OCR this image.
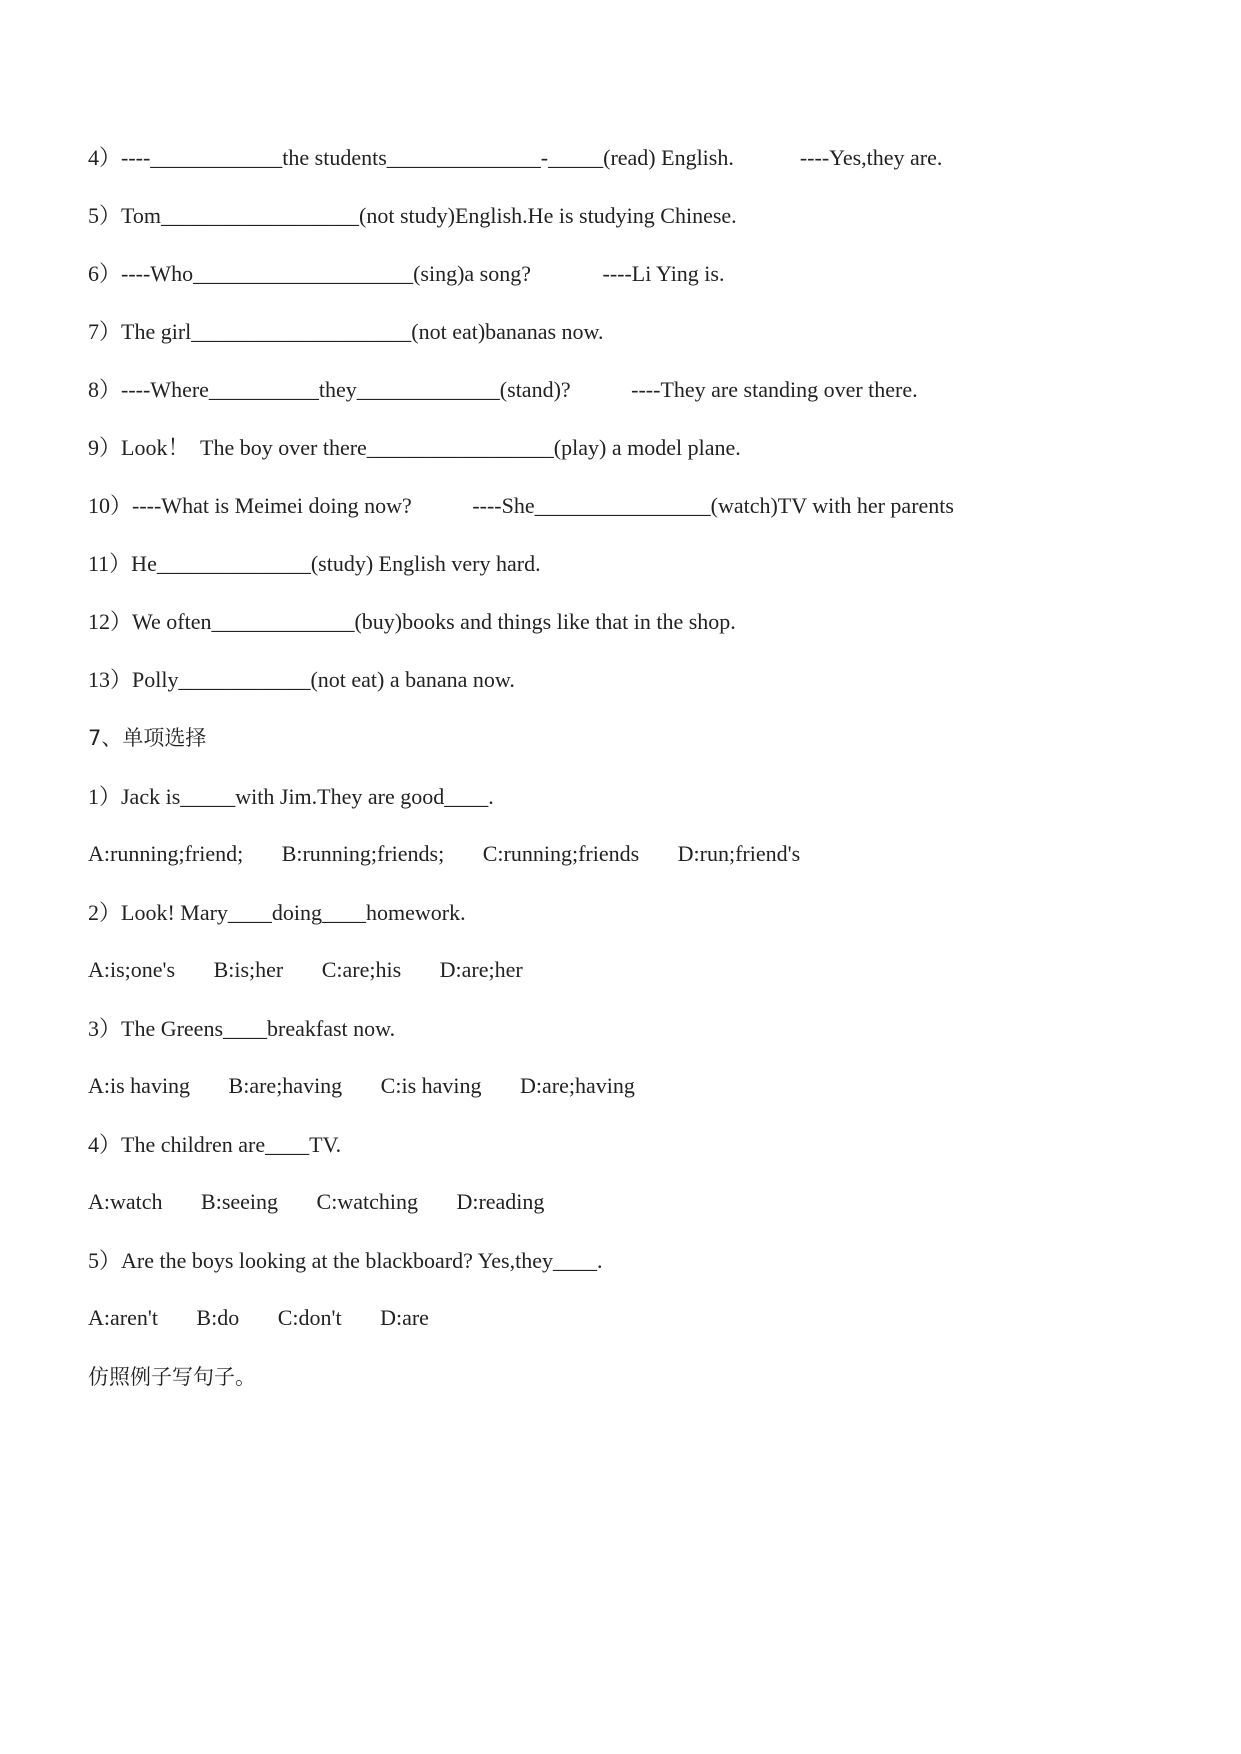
4）----____________the students______________-_____(read) English.            ----Yes,they are.
5）Tom__________________(not study)English.He is studying Chinese.
6）----Who____________________(sing)a song?             ----Li Ying is.
7）The girl____________________(not eat)bananas now.
8）----Where__________they_____________(stand)?           ----They are standing over there.
9）Look！  The boy over there_________________(play) a model plane.
10）----What is Meimei doing now?           ----She________________(watch)TV with her parents
11）He______________(study) English very hard.
12）We often_____________(buy)books and things like that in the shop.
13）Polly____________(not eat) a banana now.
7、单项选择
1）Jack is_____with Jim.They are good____.
A:running;friend;       B:running;friends;       C:running;friends       D:run;friend's
2）Look! Mary____doing____homework.
A:is;one's       B:is;her       C:are;his       D:are;her
3）The Greens____breakfast now.
A:is having       B:are;having       C:is having       D:are;having
4）The children are____TV.
A:watch       B:seeing       C:watching       D:reading
5）Are the boys looking at the blackboard? Yes,they____.
A:aren't       B:do       C:don't       D:are
仿照例子写句子。
